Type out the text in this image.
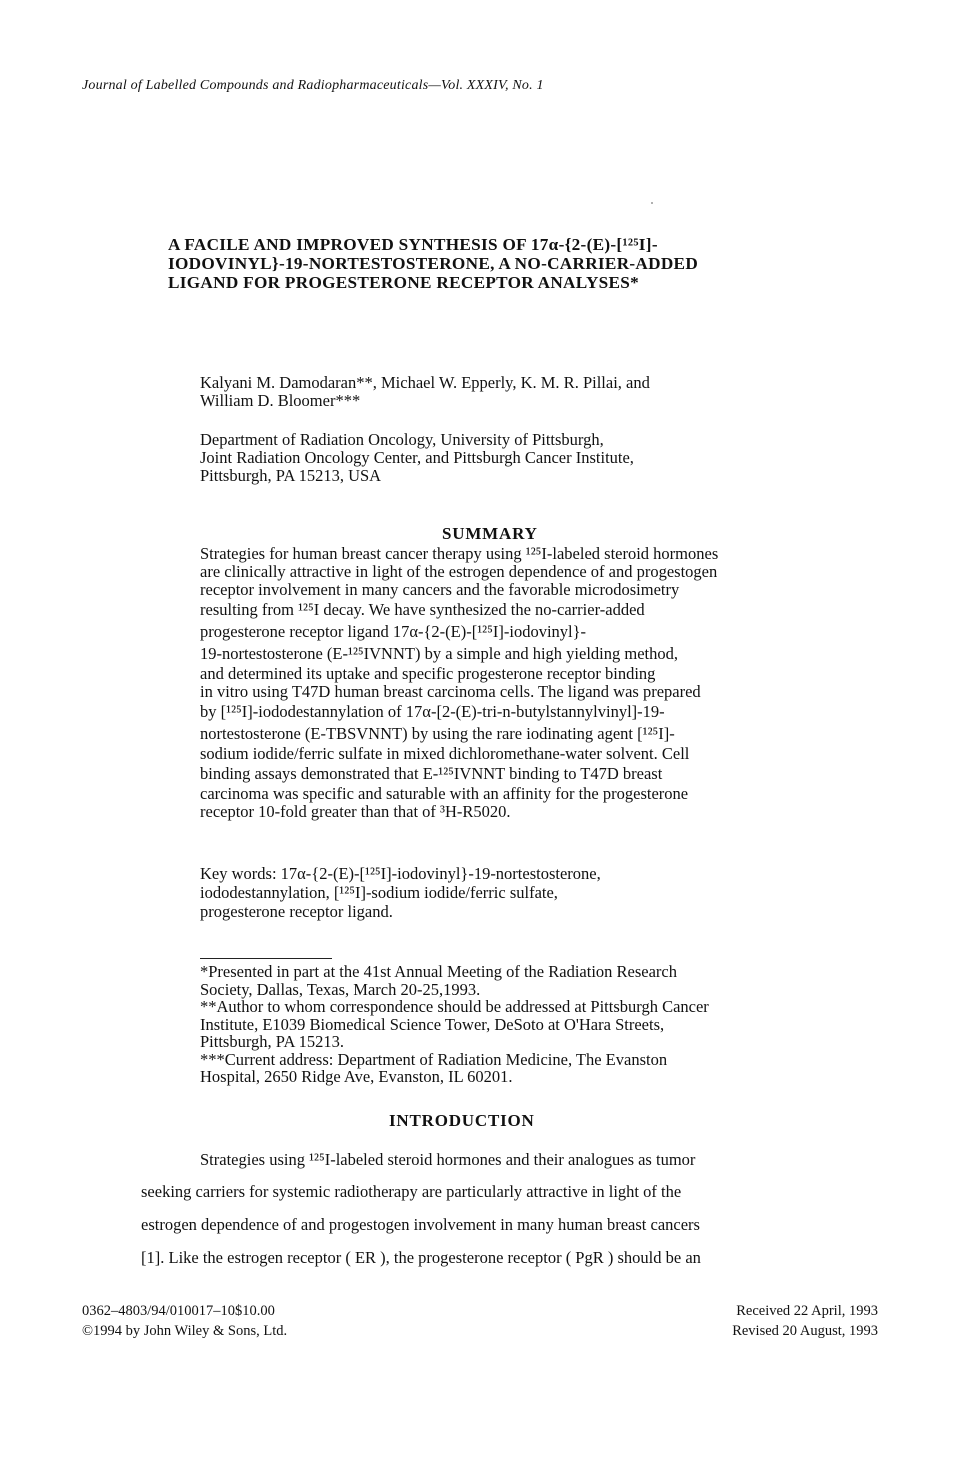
Journal of Labelled Compounds and Radiopharmaceuticals—Vol. XXXIV, No. 1
A FACILE AND IMPROVED SYNTHESIS OF 17α-{2-(E)-[¹²⁵I]-
IODOVINYL}-19-NORTESTOSTERONE, A NO-CARRIER-ADDED
LIGAND FOR PROGESTERONE RECEPTOR ANALYSES*
Kalyani M. Damodaran**, Michael W. Epperly, K. M. R. Pillai, and
William D. Bloomer***
Department of Radiation Oncology, University of Pittsburgh,
Joint Radiation Oncology Center, and Pittsburgh Cancer Institute,
Pittsburgh, PA 15213, USA
SUMMARY
Strategies for human breast cancer therapy using ¹²⁵I-labeled steroid hormones
are clinically attractive in light of the estrogen dependence of and progestogen
receptor involvement in many cancers and the favorable microdosimetry
resulting from ¹²⁵I decay. We have synthesized the no-carrier-added
progesterone receptor ligand 17α-{2-(E)-[¹²⁵I]-iodovinyl}-
19-nortestosterone (E-¹²⁵IVNNT) by a simple and high yielding method,
and determined its uptake and specific progesterone receptor binding
in vitro using T47D human breast carcinoma cells. The ligand was prepared
by [¹²⁵I]-iododestannylation of 17α-[2-(E)-tri-n-butylstannylvinyl]-19-
nortestosterone (E-TBSVNNT) by using the rare iodinating agent [¹²⁵I]-
sodium iodide/ferric sulfate in mixed dichloromethane-water solvent. Cell
binding assays demonstrated that E-¹²⁵IVNNT binding to T47D breast
carcinoma was specific and saturable with an affinity for the progesterone
receptor 10-fold greater than that of ³H-R5020.
Key words: 17α-{2-(E)-[¹²⁵I]-iodovinyl}-19-nortestosterone,
iododestannylation, [¹²⁵I]-sodium iodide/ferric sulfate,
progesterone receptor ligand.
*Presented in part at the 41st Annual Meeting of the Radiation Research
Society, Dallas, Texas, March 20-25,1993.
**Author to whom correspondence should be addressed at Pittsburgh Cancer
Institute, E1039 Biomedical Science Tower, DeSoto at O'Hara Streets,
Pittsburgh, PA 15213.
***Current address: Department of Radiation Medicine, The Evanston
Hospital, 2650 Ridge Ave, Evanston, IL 60201.
INTRODUCTION
Strategies using ¹²⁵I-labeled steroid hormones and their analogues as tumor
seeking carriers for systemic radiotherapy are particularly attractive in light of the
estrogen dependence of and progestogen involvement in many human breast cancers
[1]. Like the estrogen receptor ( ER ), the progesterone receptor ( PgR ) should be an
0362–4803/94/010017–10$10.00
©1994 by John Wiley & Sons, Ltd.
Received 22 April, 1993
Revised 20 August, 1993
